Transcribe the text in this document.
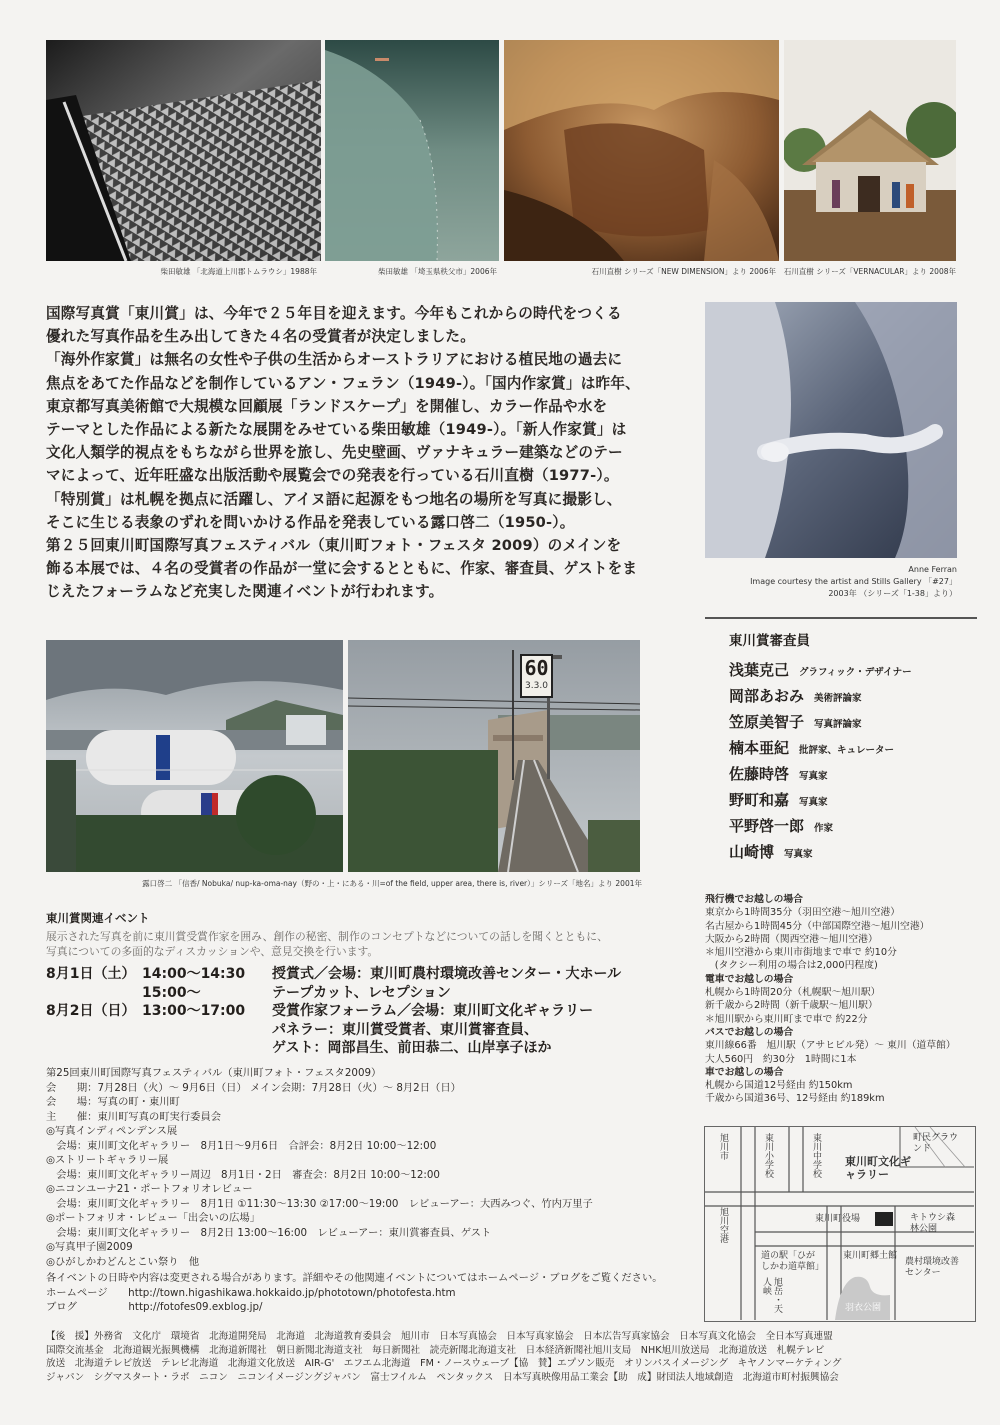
柴田敏雄 「北海道上川郡トムラウシ」1988年	柴田敏雄 「埼玉県秩父市」2006年	石川直樹 シリーズ「NEW DIMENSION」より 2006年 石川直樹 シリーズ「VERNACULAR」より 2008年

国際写真賞「東川賞」は、今年で２５年目を迎えます。今年もこれからの時代をつくる

優れた写真作品を生み出してきた４名の受賞者が決定しました。

「海外作家賞」は無名の女性や子供の生活からオーストラリアにおける植民地の過去に

焦点をあてた作品などを制作しているアン・フェラン（1949-）。「国内作家賞」は昨年、

東京都写真美術館で大規模な回顧展「ランドスケープ」を開催し、カラー作品や水を

テーマとした作品による新たな展開をみせている柴田敏雄（1949-）。「新人作家賞」は

文化人類学的視点をもちながら世界を旅し、先史壁画、ヴァナキュラー建築などのテー

マによって、近年旺盛な出版活動や展覧会での発表を行っている石川直樹（1977-）。

「特別賞」は札幌を拠点に活躍し、アイヌ語に起源をもつ地名の場所を写真に撮影し、

そこに生じる表象のずれを問いかける作品を発表している露口啓二（1950-）。

第２５回東川町国際写真フェスティバル（東川町フォト・フェスタ 2009）のメインを

飾る本展では、４名の受賞者の作品が一堂に会するとともに、作家、審査員、ゲストをま

じえたフォーラムなど充実した関連イベントが行われます。

Anne Ferran
Image courtesy the artist and Stills Gallery 「#27」
2003年 （シリーズ「1-38」より）
60
3.3.0
露口啓二 「信香/ Nobuka/ nup-ka-oma-nay（野の・上・にある・川=of the field, upper area, there is, river）」シリーズ「地名」より 2001年
東川賞審査員
浅葉克己 グラフィック・デザイナー
岡部あおみ 美術評論家
笠原美智子 写真評論家
楠本亜紀 批評家、キュレーター
佐藤時啓 写真家
野町和嘉 写真家
平野啓一郎 作家
山崎博 写真家
東川賞関連イベント
展示された写真を前に東川賞受賞作家を囲み、創作の秘密、制作のコンセプトなどについての話しを聞くとともに、
写真についての多面的なディスカッションや、意見交換を行います。
8月1日（土） 14:00〜14:30	授賞式／会場：東川町農村環境改善センター・大ホール
15:00〜	テープカット、レセプション
8月2日（日） 13:00〜17:00	受賞作家フォーラム／会場：東川町文化ギャラリー
パネラー：東川賞受賞者、東川賞審査員、
ゲスト：岡部昌生、前田恭二、山岸享子ほか
第25回東川町国際写真フェスティバル（東川町フォト・フェスタ2009）
会　　期：7月28日（火）〜 9月6日（日） メイン会期：7月28日（火）〜 8月2日（日）
会　　場：写真の町・東川町
主　　催：東川町写真の町実行委員会
◎写真インディペンデンス展
　会場：東川町文化ギャラリー　8月1日〜9月6日　合評会：8月2日 10:00〜12:00
◎ストリートギャラリー展
　会場：東川町文化ギャラリー周辺　8月1日・2日　審査会：8月2日 10:00〜12:00
◎ニコンユーナ21・ポートフォリオレビュー
　会場：東川町文化ギャラリー　8月1日 ①11:30〜13:30 ②17:00〜19:00　レビューアー：大西みつぐ、竹内万里子
◎ポートフォリオ・レビュー「出会いの広場」
　会場：東川町文化ギャラリー　8月2日 13:00〜16:00　レビューアー：東川賞審査員、ゲスト
◎写真甲子園2009
◎ひがしかわどんとこい祭り　他
各イベントの日時や内容は変更される場合があります。詳細やその他関連イベントについてはホームページ・ブログをご覧ください。
ホームページ　　http://town.higashikawa.hokkaido.jp/phototown/photofesta.htm
ブログ　　　　　http://fotofes09.exblog.jp/
飛行機でお越しの場合
東京から1時間35分（羽田空港〜旭川空港）
名古屋から1時間45分（中部国際空港〜旭川空港）
大阪から2時間（関西空港〜旭川空港）
＊旭川空港から東川市街地まで車で 約10分
　(タクシー利用の場合は2,000円程度)
電車でお越しの場合
札幌から1時間20分（札幌駅〜旭川駅）
新千歳から2時間（新千歳駅〜旭川駅）
＊旭川駅から東川町まで車で 約22分
バスでお越しの場合
東川線66番　旭川駅（アサヒビル発）〜 東川（道草館）
大人560円　約30分　1時間に1本
車でお越しの場合
札幌から国道12号経由 約150km
千歳から国道36号、12号経由 約189km
旭川市	東川小学校	東川中学校	町民グラウンド
東川町文化ギャラリー
旭川空港	東川町役場	キトウシ森林公園
道の駅「ひがしかわ道草館」
東川町郷土館
農村環境改善センター
旭岳・天人峡
羽衣公園
【後　援】外務省　文化庁　環境省　北海道開発局　北海道　北海道教育委員会　旭川市　日本写真協会　日本写真家協会　日本広告写真家協会　日本写真文化協会　全日本写真連盟
国際交流基金　北海道観光振興機構　北海道新聞社　朝日新聞北海道支社　毎日新聞社　読売新聞北海道支社　日本経済新聞社旭川支局　NHK旭川放送局　北海道放送　札幌テレビ
放送　北海道テレビ放送　テレビ北海道　北海道文化放送　AIR-G'　エフエム北海道　FM・ノースウェーブ【協　賛】エプソン販売　オリンパスイメージング　キヤノンマーケティング
ジャパン　シグマスタート・ラボ　ニコン　ニコンイメージングジャパン　富士フイルム　ペンタックス　日本写真映像用品工業会【助　成】財団法人地域創造　北海道市町村振興協会
